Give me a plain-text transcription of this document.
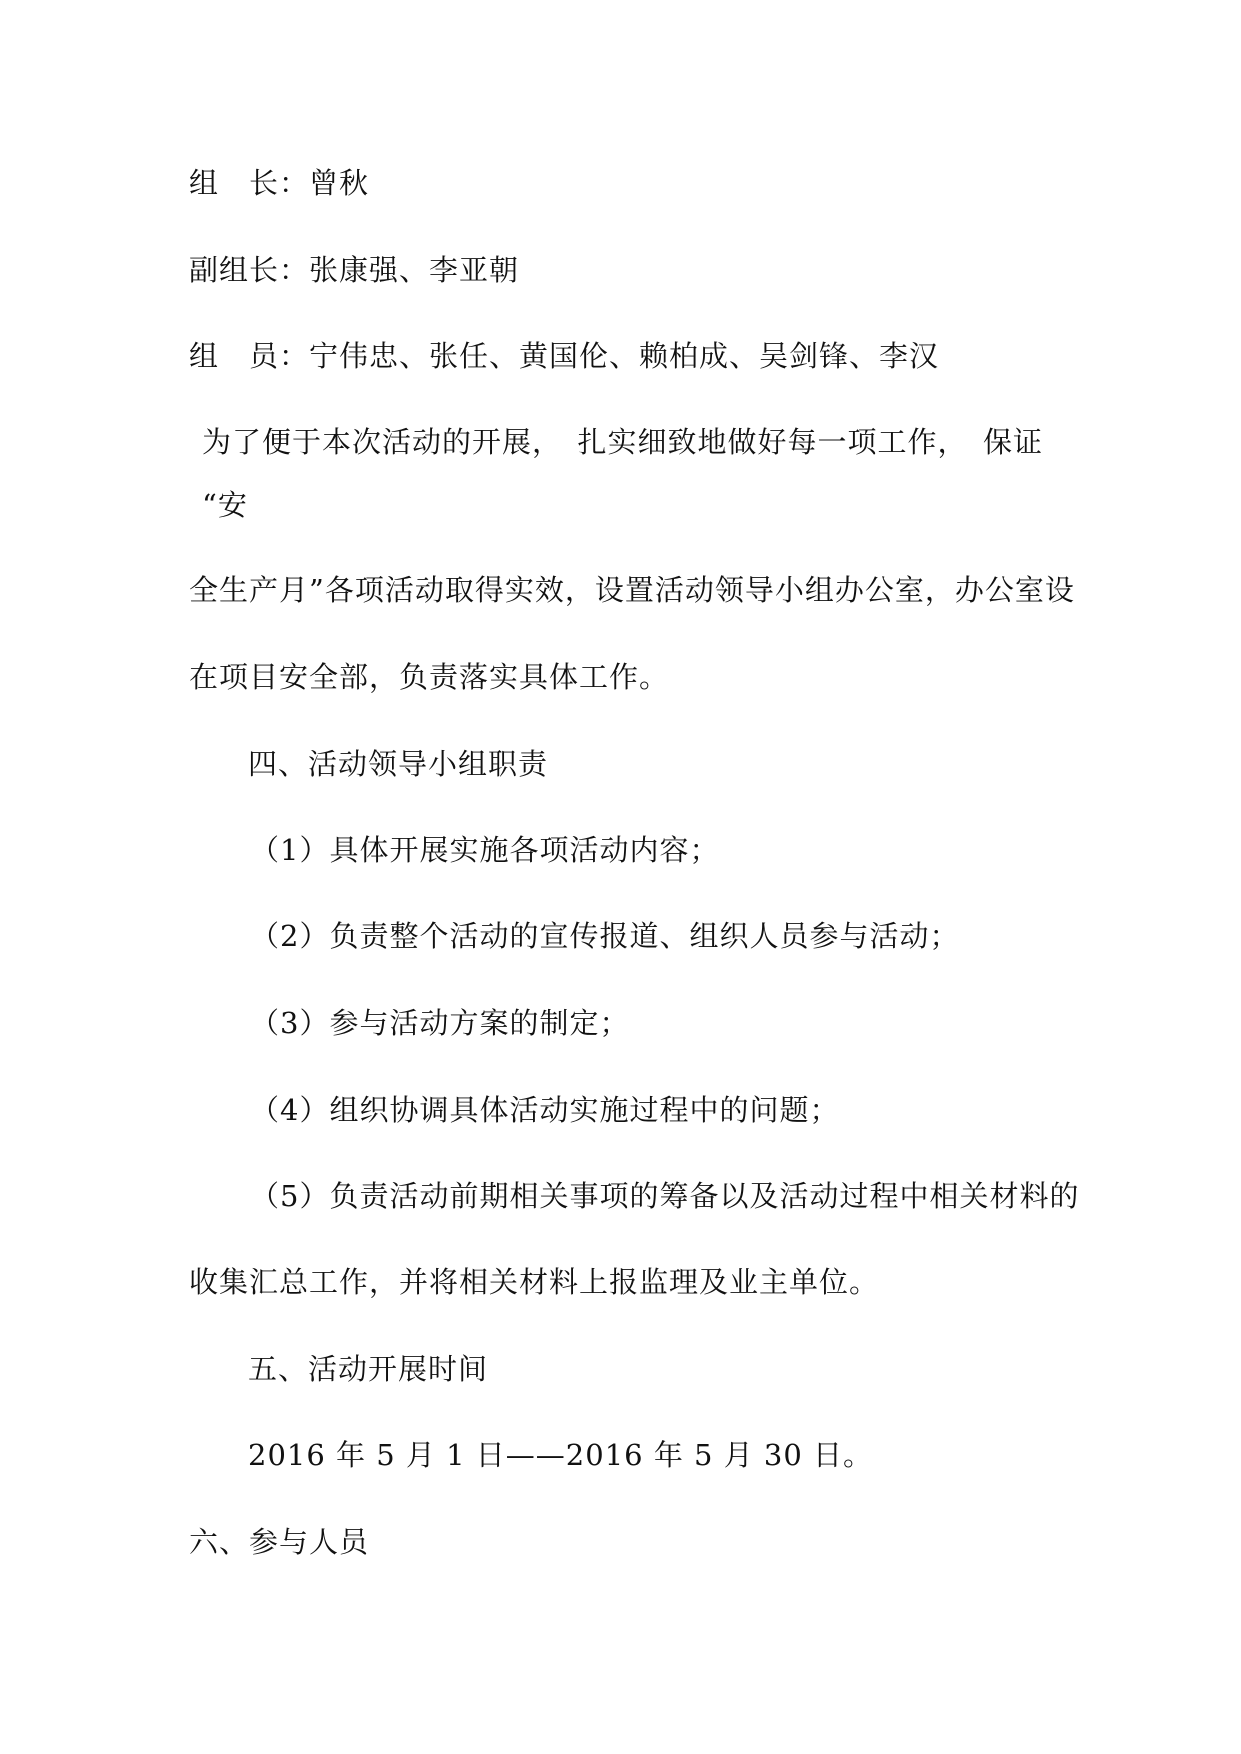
组　长：曾秋
副组长：张康强、李亚朝
组　员：宁伟忠、张任、黄国伦、赖柏成、吴剑锋、李汉
为了便于本次活动的开展，　扎实细致地做好每一项工作，　保证
“安
全生产月”各项活动取得实效，设置活动领导小组办公室，办公室设
在项目安全部，负责落实具体工作。
四、活动领导小组职责
（1）具体开展实施各项活动内容；
（2）负责整个活动的宣传报道、组织人员参与活动；
（3）参与活动方案的制定；
（4）组织协调具体活动实施过程中的问题；
（5）负责活动前期相关事项的筹备以及活动过程中相关材料的
收集汇总工作，并将相关材料上报监理及业主单位。
五、活动开展时间
2016 年 5 月 1 日——2016 年 5 月 30 日。
六、参与人员
